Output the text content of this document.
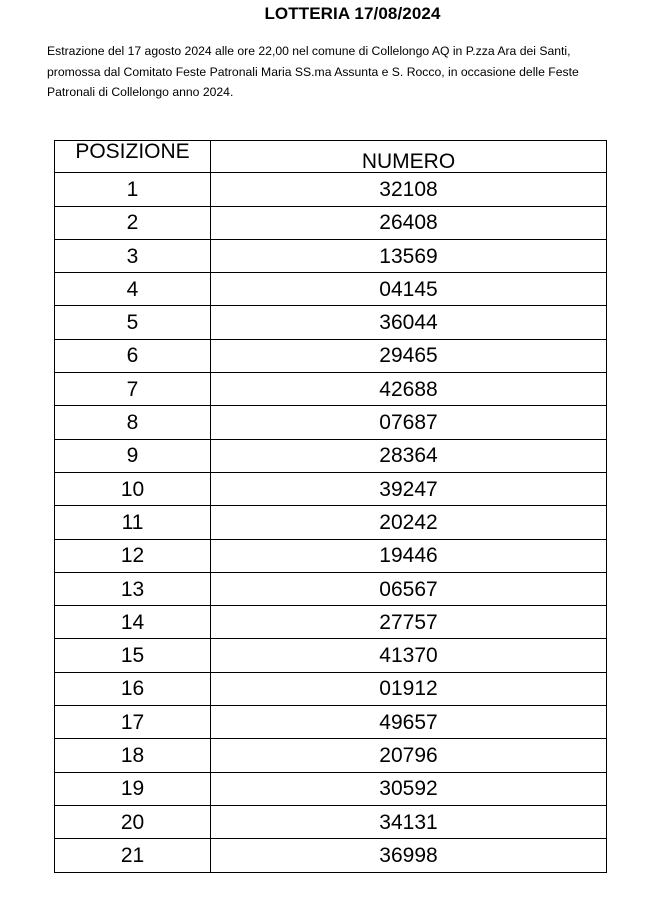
LOTTERIA 17/08/2024

Estrazione del 17 agosto 2024 alle ore 22,00 nel comune di Collelongo AQ in P.zza Ara dei Santi,
promossa dal Comitato Feste Patronali Maria SS.ma Assunta e S. Rocco, in occasione delle Feste
Patronali di Collelongo anno 2024.

POSIZIONE	NUMERO
1	32108
2	26408
3	13569
4	04145
5	36044
6	29465
7	42688
8	07687
9	28364
10	39247
11	20242
12	19446
13	06567
14	27757
15	41370
16	01912
17	49657
18	20796
19	30592
20	34131
21	36998
